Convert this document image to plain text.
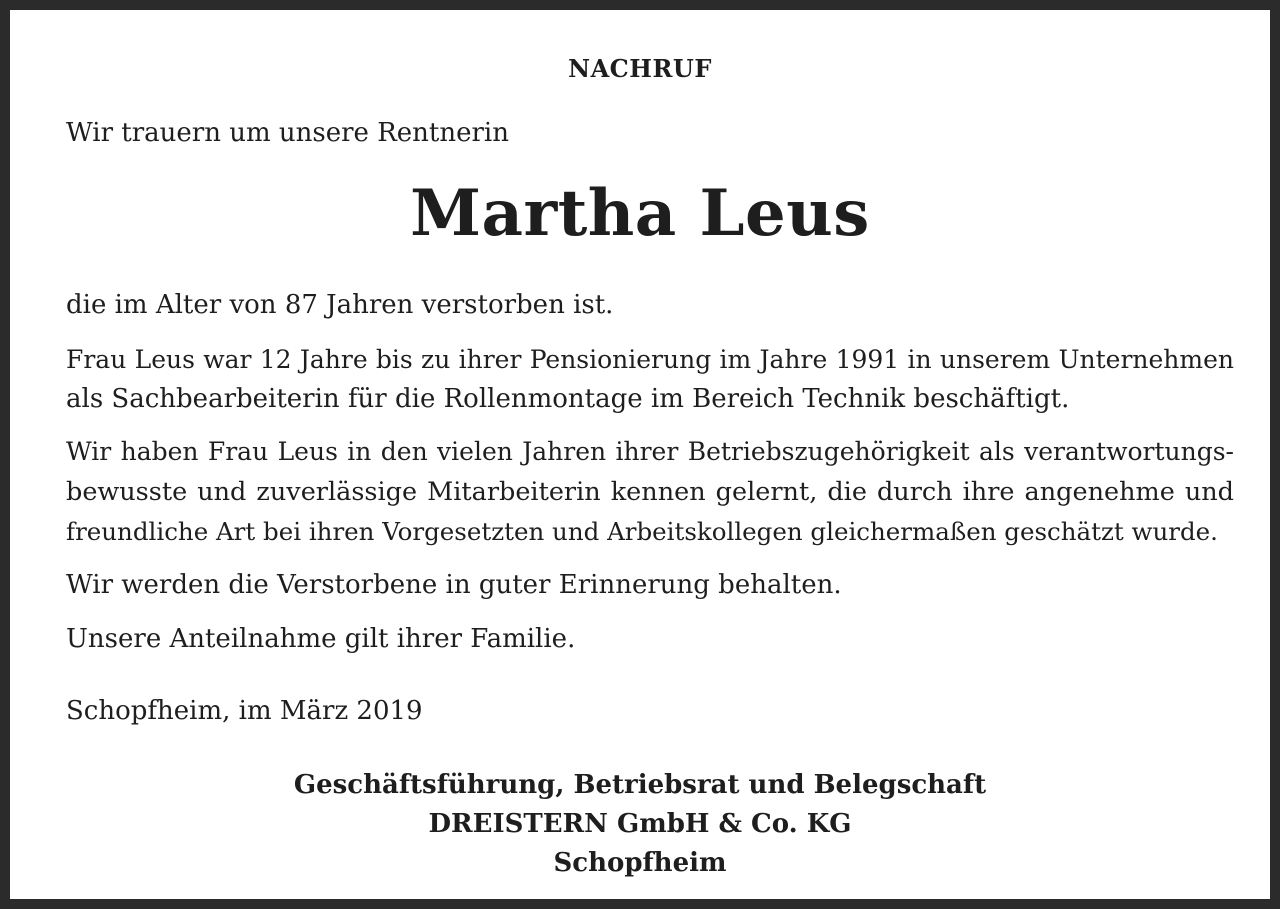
NACHRUF

Wir trauern um unsere Rentnerin

Martha Leus

die im Alter von 87 Jahren verstorben ist.

Frau Leus war 12 Jahre bis zu ihrer Pensionierung im Jahre 1991 in unserem Unternehmen

als Sachbearbeiterin für die Rollenmontage im Bereich Technik beschäftigt.

Wir haben Frau Leus in den vielen Jahren ihrer Betriebszugehörigkeit als verantwortungs-

bewusste und zuverlässige Mitarbeiterin kennen gelernt, die durch ihre angenehme und

freundliche Art bei ihren Vorgesetzten und Arbeitskollegen gleichermaßen geschätzt wurde.

Wir werden die Verstorbene in guter Erinnerung behalten.

Unsere Anteilnahme gilt ihrer Familie.

Schopfheim, im März 2019

Geschäftsführung, Betriebsrat und Belegschaft

DREISTERN GmbH & Co. KG

Schopfheim
